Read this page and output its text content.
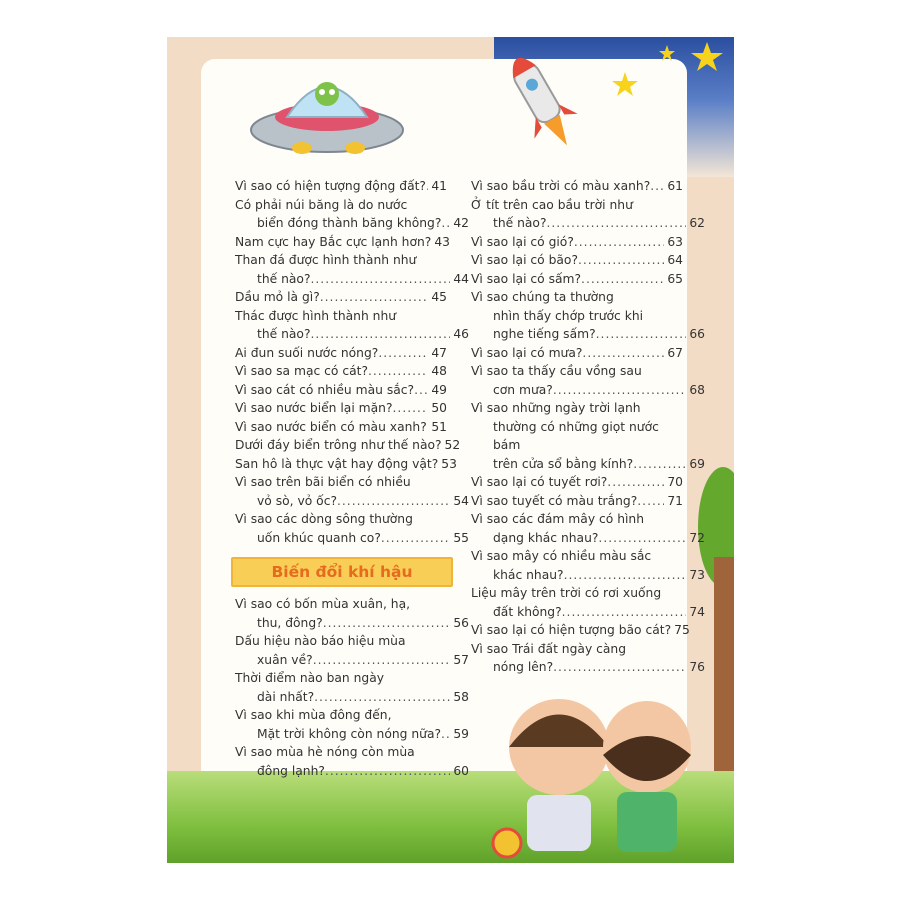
Vì sao có hiện tượng động đất? ..... 41
Có phải núi băng là do nước
biển đóng thành băng không? ..... 42
Nam cực hay Bắc cực lạnh hơn? 43
Than đá được hình thành như
thế nào? .....	44
Dầu mỏ là gì? .....	45
Thác được hình thành như
thế nào? .....	46
Ai đun suối nước nóng? .....	47
Vì sao sa mạc có cát? .....	48
Vì sao cát có nhiều màu sắc? ..... 49
Vì sao nước biển lại mặn? .....	50
Vì sao nước biển có màu xanh? ..... 51
Dưới đáy biển trông như thế nào? 52
San hô là thực vật hay động vật? 53
Vì sao trên bãi biển có nhiều
vỏ sò, vỏ ốc? .....	54
Vì sao các dòng sông thường
uốn khúc quanh co? .....	55
Biến đổi khí hậu
Vì sao có bốn mùa xuân, hạ,
thu, đông? .....	56
Dấu hiệu nào báo hiệu mùa
xuân về? .....	57
Thời điểm nào ban ngày
dài nhất? .....	58
Vì sao khi mùa đông đến,
Mặt trời không còn nóng nữa? ..... 59
Vì sao mùa hè nóng còn mùa
đông lạnh? .....	60
Vì sao bầu trời có màu xanh? ..... 61
Ở tít trên cao bầu trời như
thế nào? .....	62
Vì sao lại có gió? .....	63
Vì sao lại có bão? .....	64
Vì sao lại có sấm? .....	65
Vì sao chúng ta thường
nhìn thấy chớp trước khi
nghe tiếng sấm? .....	66
Vì sao lại có mưa? .....	67
Vì sao ta thấy cầu vồng sau
cơn mưa? .....	68
Vì sao những ngày trời lạnh
thường có những giọt nước bám
trên cửa sổ bằng kính? .....	69
Vì sao lại có tuyết rơi? .....	70
Vì sao tuyết có màu trắng? ..... 71
Vì sao các đám mây có hình
dạng khác nhau? .....	72
Vì sao mây có nhiều màu sắc
khác nhau? .....	73
Liệu mây trên trời có rơi xuống
đất không? .....	74
Vì sao lại có hiện tượng bão cát? 75
Vì sao Trái đất ngày càng
nóng lên? .....	76
